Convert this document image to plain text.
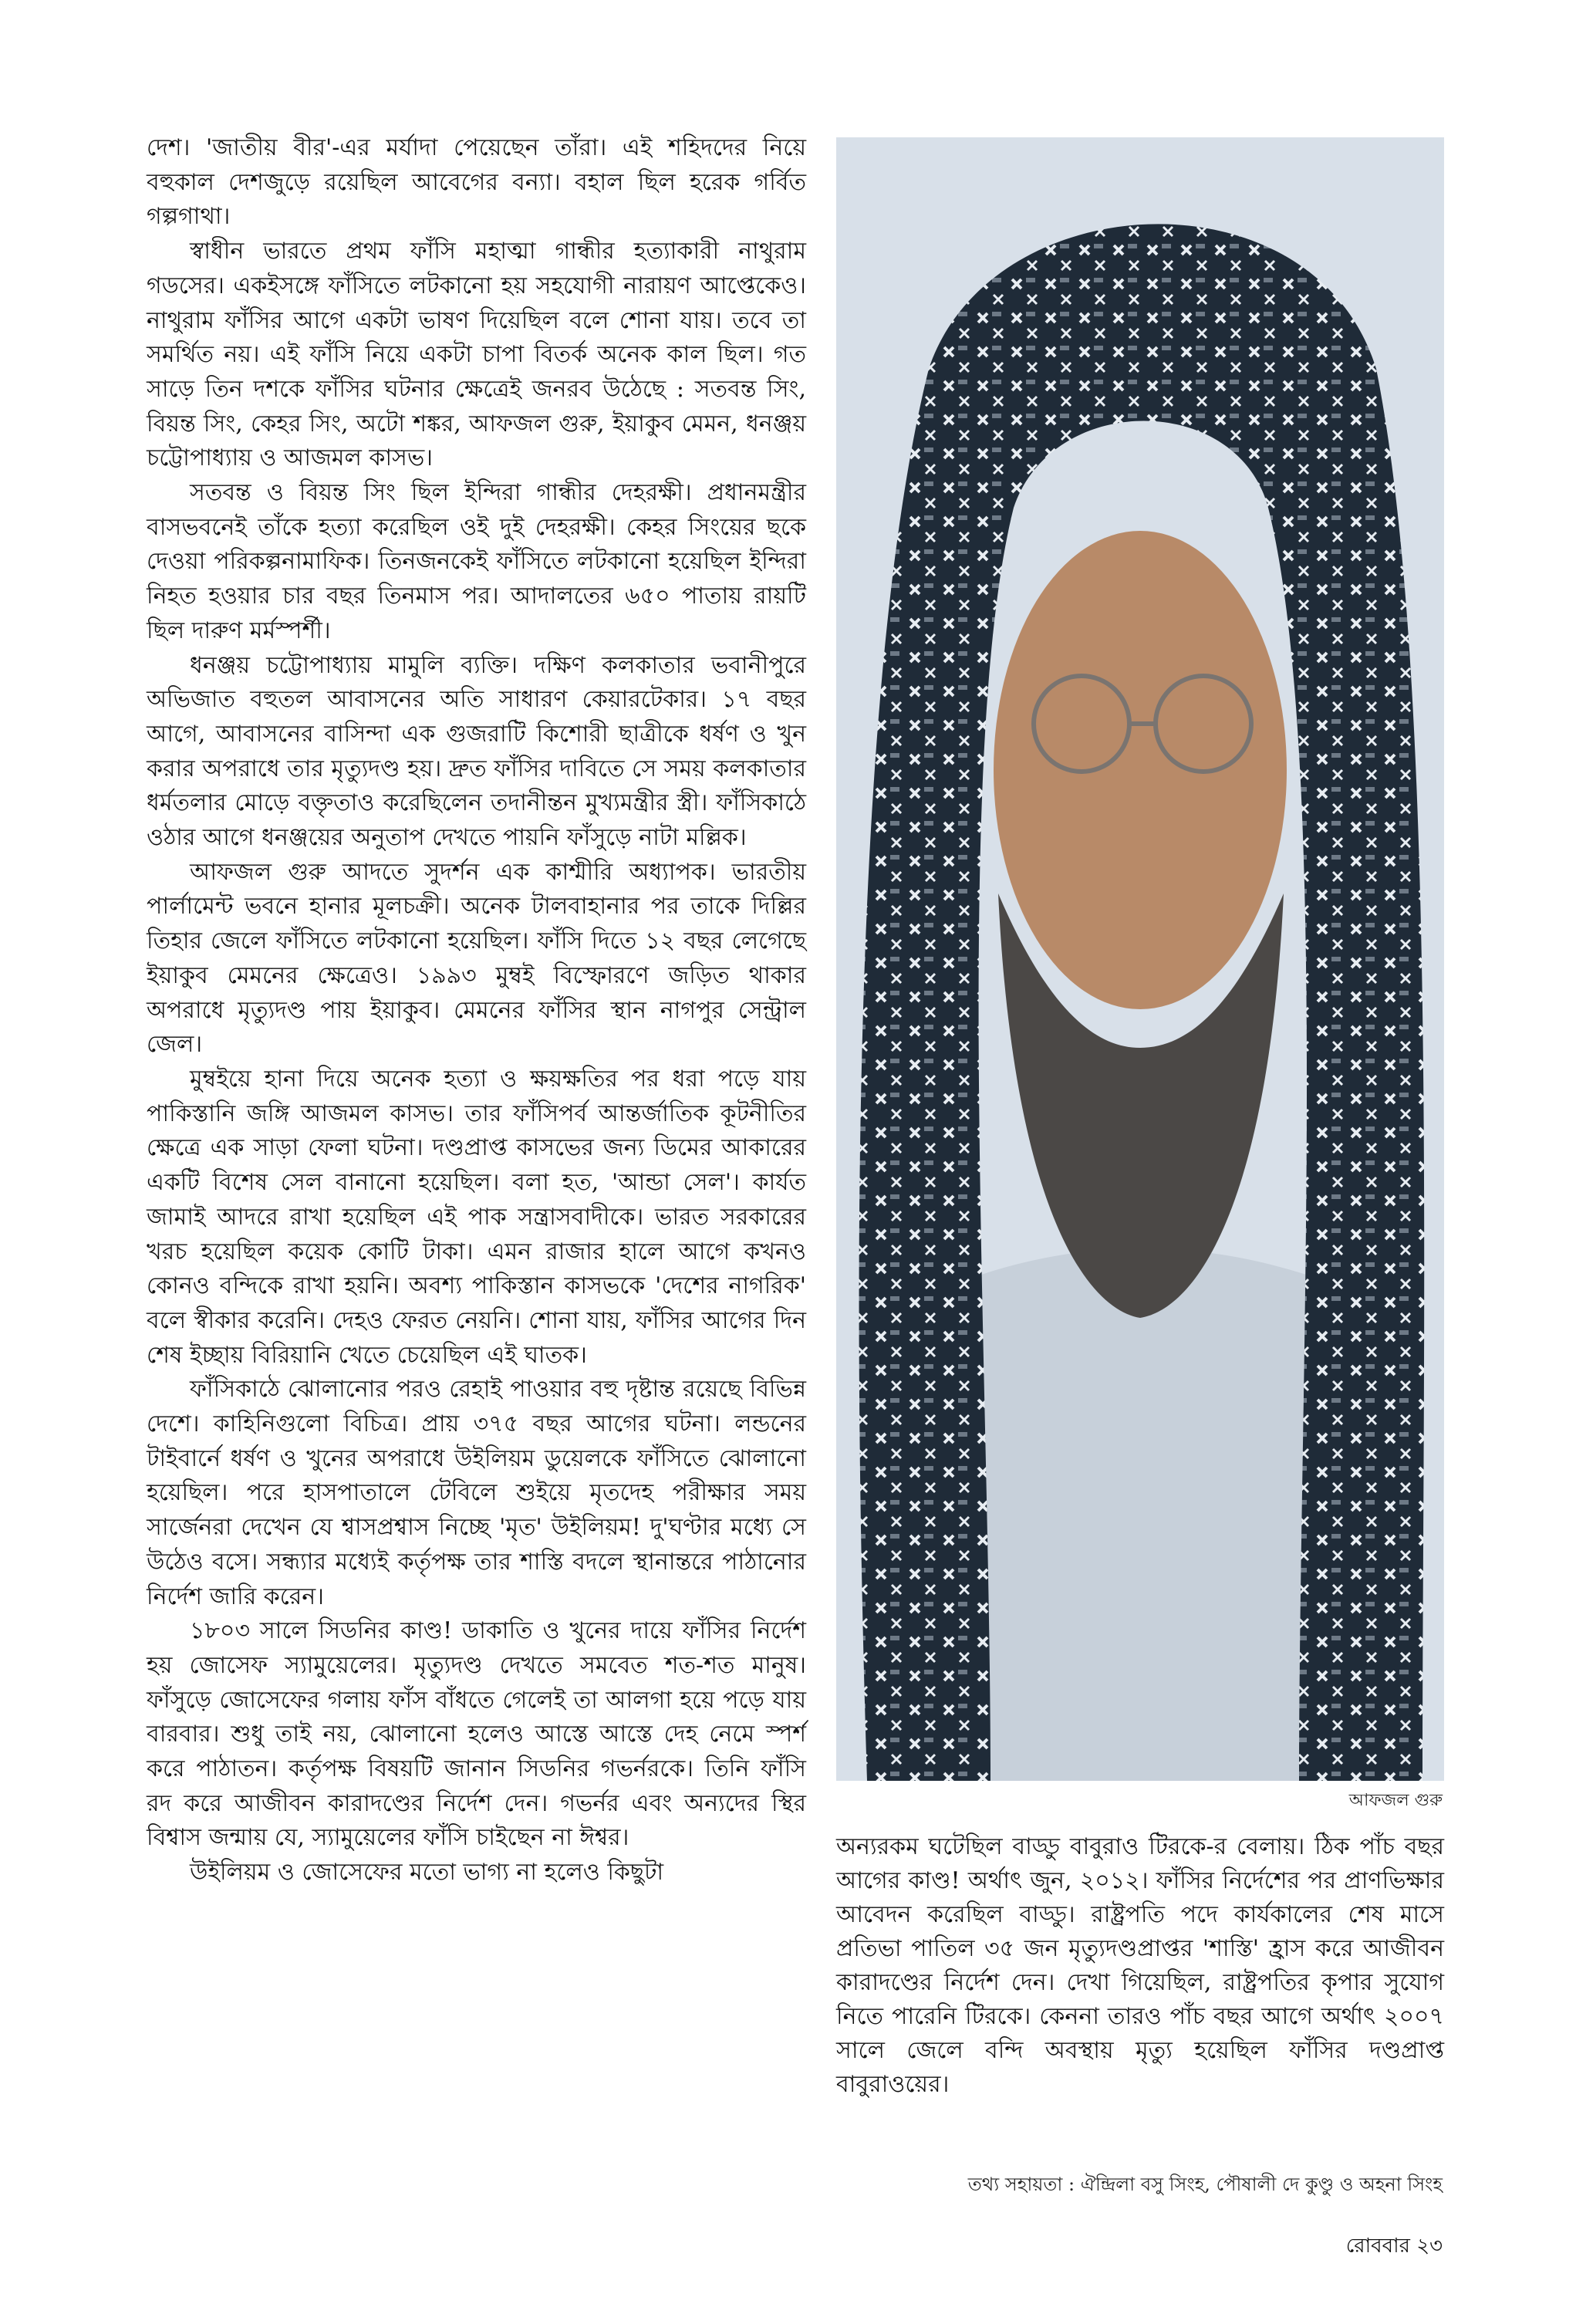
দেশ। 'জাতীয় বীর'-এর মর্যাদা পেয়েছেন তাঁরা। এই শহিদদের নিয়ে বহুকাল দেশজুড়ে রয়েছিল আবেগের বন্যা। বহাল ছিল হরেক গর্বিত গল্পগাথা।

স্বাধীন ভারতে প্রথম ফাঁসি মহাত্মা গান্ধীর হত্যাকারী নাথুরাম গডসের। একইসঙ্গে ফাঁসিতে লটকানো হয় সহযোগী নারায়ণ আপ্তেকেও। নাথুরাম ফাঁসির আগে একটা ভাষণ দিয়েছিল বলে শোনা যায়। তবে তা সমর্থিত নয়। এই ফাঁসি নিয়ে একটা চাপা বিতর্ক অনেক কাল ছিল। গত সাড়ে তিন দশকে ফাঁসির ঘটনার ক্ষেত্রেই জনরব উঠেছে : সতবন্ত সিং, বিয়ন্ত সিং, কেহর সিং, অটো শঙ্কর, আফজল গুরু, ইয়াকুব মেমন, ধনঞ্জয় চট্টোপাধ্যায় ও আজমল কাসভ।

সতবন্ত ও বিয়ন্ত সিং ছিল ইন্দিরা গান্ধীর দেহরক্ষী। প্রধানমন্ত্রীর বাসভবনেই তাঁকে হত্যা করেছিল ওই দুই দেহরক্ষী। কেহর সিংয়ের ছকে দেওয়া পরিকল্পনামাফিক। তিনজনকেই ফাঁসিতে লটকানো হয়েছিল ইন্দিরা নিহত হওয়ার চার বছর তিনমাস পর। আদালতের ৬৫০ পাতায় রায়টি ছিল দারুণ মর্মস্পর্শী।

ধনঞ্জয় চট্টোপাধ্যায় মামুলি ব্যক্তি। দক্ষিণ কলকাতার ভবানীপুরে অভিজাত বহুতল আবাসনের অতি সাধারণ কেয়ারটেকার। ১৭ বছর আগে, আবাসনের বাসিন্দা এক গুজরাটি কিশোরী ছাত্রীকে ধর্ষণ ও খুন করার অপরাধে তার মৃত্যুদণ্ড হয়। দ্রুত ফাঁসির দাবিতে সে সময় কলকাতার ধর্মতলার মোড়ে বক্তৃতাও করেছিলেন তদানীন্তন মুখ্যমন্ত্রীর স্ত্রী। ফাঁসিকাঠে ওঠার আগে ধনঞ্জয়ের অনুতাপ দেখতে পায়নি ফাঁসুড়ে নাটা মল্লিক।

আফজল গুরু আদতে সুদর্শন এক কাশ্মীরি অধ্যাপক। ভারতীয় পার্লামেন্ট ভবনে হানার মূলচক্রী। অনেক টালবাহানার পর তাকে দিল্লির তিহার জেলে ফাঁসিতে লটকানো হয়েছিল। ফাঁসি দিতে ১২ বছর লেগেছে ইয়াকুব মেমনের ক্ষেত্রেও। ১৯৯৩ মুম্বই বিস্ফোরণে জড়িত থাকার অপরাধে মৃত্যুদণ্ড পায় ইয়াকুব। মেমনের ফাঁসির স্থান নাগপুর সেন্ট্রাল জেল।

মুম্বইয়ে হানা দিয়ে অনেক হত্যা ও ক্ষয়ক্ষতির পর ধরা পড়ে যায় পাকিস্তানি জঙ্গি আজমল কাসভ। তার ফাঁসিপর্ব আন্তর্জাতিক কূটনীতির ক্ষেত্রে এক সাড়া ফেলা ঘটনা। দণ্ডপ্রাপ্ত কাসভের জন্য ডিমের আকারের একটি বিশেষ সেল বানানো হয়েছিল। বলা হত, 'আন্ডা সেল'। কার্যত জামাই আদরে রাখা হয়েছিল এই পাক সন্ত্রাসবাদীকে। ভারত সরকারের খরচ হয়েছিল কয়েক কোটি টাকা। এমন রাজার হালে আগে কখনও কোনও বন্দিকে রাখা হয়নি। অবশ্য পাকিস্তান কাসভকে 'দেশের নাগরিক' বলে স্বীকার করেনি। দেহও ফেরত নেয়নি। শোনা যায়, ফাঁসির আগের দিন শেষ ইচ্ছায় বিরিয়ানি খেতে চেয়েছিল এই ঘাতক।

ফাঁসিকাঠে ঝোলানোর পরও রেহাই পাওয়ার বহু দৃষ্টান্ত রয়েছে বিভিন্ন দেশে। কাহিনিগুলো বিচিত্র। প্রায় ৩৭৫ বছর আগের ঘটনা। লন্ডনের টাইবার্নে ধর্ষণ ও খুনের অপরাধে উইলিয়ম ডুয়েলকে ফাঁসিতে ঝোলানো হয়েছিল। পরে হাসপাতালে টেবিলে শুইয়ে মৃতদেহ পরীক্ষার সময় সার্জেনরা দেখেন যে শ্বাসপ্রশ্বাস নিচ্ছে 'মৃত' উইলিয়ম! দু'ঘণ্টার মধ্যে সে উঠেও বসে। সন্ধ্যার মধ্যেই কর্তৃপক্ষ তার শাস্তি বদলে স্থানান্তরে পাঠানোর নির্দেশ জারি করেন।

১৮০৩ সালে সিডনির কাণ্ড! ডাকাতি ও খুনের দায়ে ফাঁসির নির্দেশ হয় জোসেফ স্যামুয়েলের। মৃত্যুদণ্ড দেখতে সমবেত শত-শত মানুষ। ফাঁসুড়ে জোসেফের গলায় ফাঁস বাঁধতে গেলেই তা আলগা হয়ে পড়ে যায় বারবার। শুধু তাই নয়, ঝোলানো হলেও আস্তে আস্তে দেহ নেমে স্পর্শ করে পাঠাতন। কর্তৃপক্ষ বিষয়টি জানান সিডনির গভর্নরকে। তিনি ফাঁসি রদ করে আজীবন কারাদণ্ডের নির্দেশ দেন। গভর্নর এবং অন্যদের স্থির বিশ্বাস জন্মায় যে, স্যামুয়েলের ফাঁসি চাইছেন না ঈশ্বর।

উইলিয়ম ও জোসেফের মতো ভাগ্য না হলেও কিছুটা

আফজল গুরু

অন্যরকম ঘটেছিল বাড্ডু বাবুরাও টিরকে-র বেলায়। ঠিক পাঁচ বছর আগের কাণ্ড! অর্থাৎ জুন, ২০১২। ফাঁসির নির্দেশের পর প্রাণভিক্ষার আবেদন করেছিল বাড্ডু। রাষ্ট্রপতি পদে কার্যকালের শেষ মাসে প্রতিভা পাতিল ৩৫ জন মৃত্যুদণ্ডপ্রাপ্তর 'শাস্তি' হ্রাস করে আজীবন কারাদণ্ডের নির্দেশ দেন। দেখা গিয়েছিল, রাষ্ট্রপতির কৃপার সুযোগ নিতে পারেনি টিরকে। কেননা তারও পাঁচ বছর আগে অর্থাৎ ২০০৭ সালে জেলে বন্দি অবস্থায় মৃত্যু হয়েছিল ফাঁসির দণ্ডপ্রাপ্ত বাবুরাওয়ের।

তথ্য সহায়তা : ঐন্দ্রিলা বসু সিংহ, পৌষালী দে কুণ্ডু ও অহনা সিংহ
রোববার ২৩
